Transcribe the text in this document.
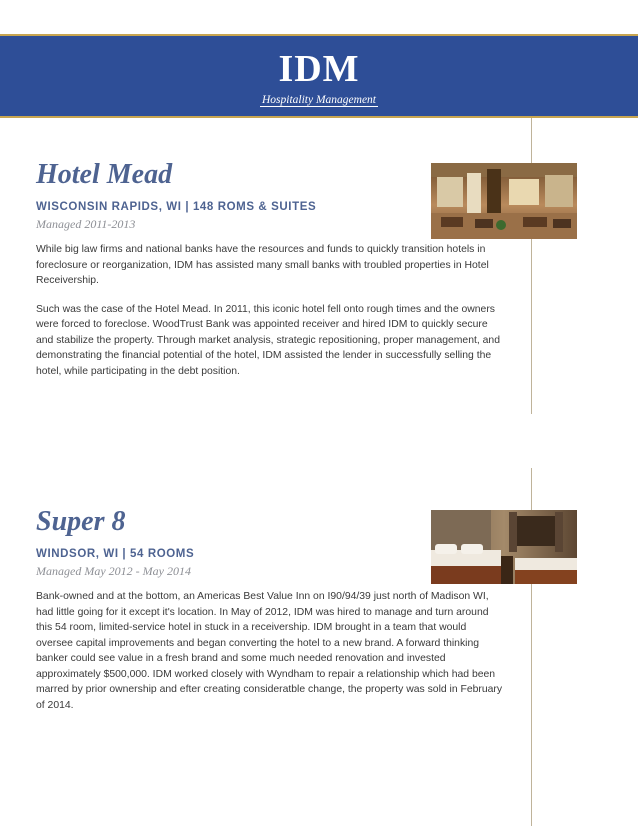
IDM
Hospitality Management
Hotel Mead
WISCONSIN RAPIDS, WI | 148 ROMS & SUITES
Managed 2011-2013
While big law firms and national banks have the resources and funds to quickly transition hotels in foreclosure or reorganization, IDM has assisted many small banks with troubled properties in Hotel Receivership.
Such was the case of the Hotel Mead. In 2011, this iconic hotel fell onto rough times and the owners were forced to foreclose. WoodTrust Bank was appointed receiver and hired IDM to quickly secure and stabilize the property. Through market analysis, strategic repositioning, proper management, and demonstrating the financial potential of the hotel, IDM assisted the lender in successfully selling the hotel, while participating in the debt position.
Super 8
WINDSOR, WI | 54 ROOMS
Managed May 2012 - May 2014
Bank-owned and at the bottom, an Americas Best Value Inn on I90/94/39 just north of Madison WI, had little going for it except it's location. In May of 2012, IDM was hired to manage and turn around this 54 room, limited-service hotel in stuck in a receivership. IDM brought in a team that would oversee capital improvements and began converting the hotel to a new brand. A forward thinking banker could see value in a fresh brand and some much needed renovation and invested approximately $500,000. IDM worked closely with Wyndham to repair a relationship which had been marred by prior ownership and efter creating consideratble change, the property was sold in February of 2014.
